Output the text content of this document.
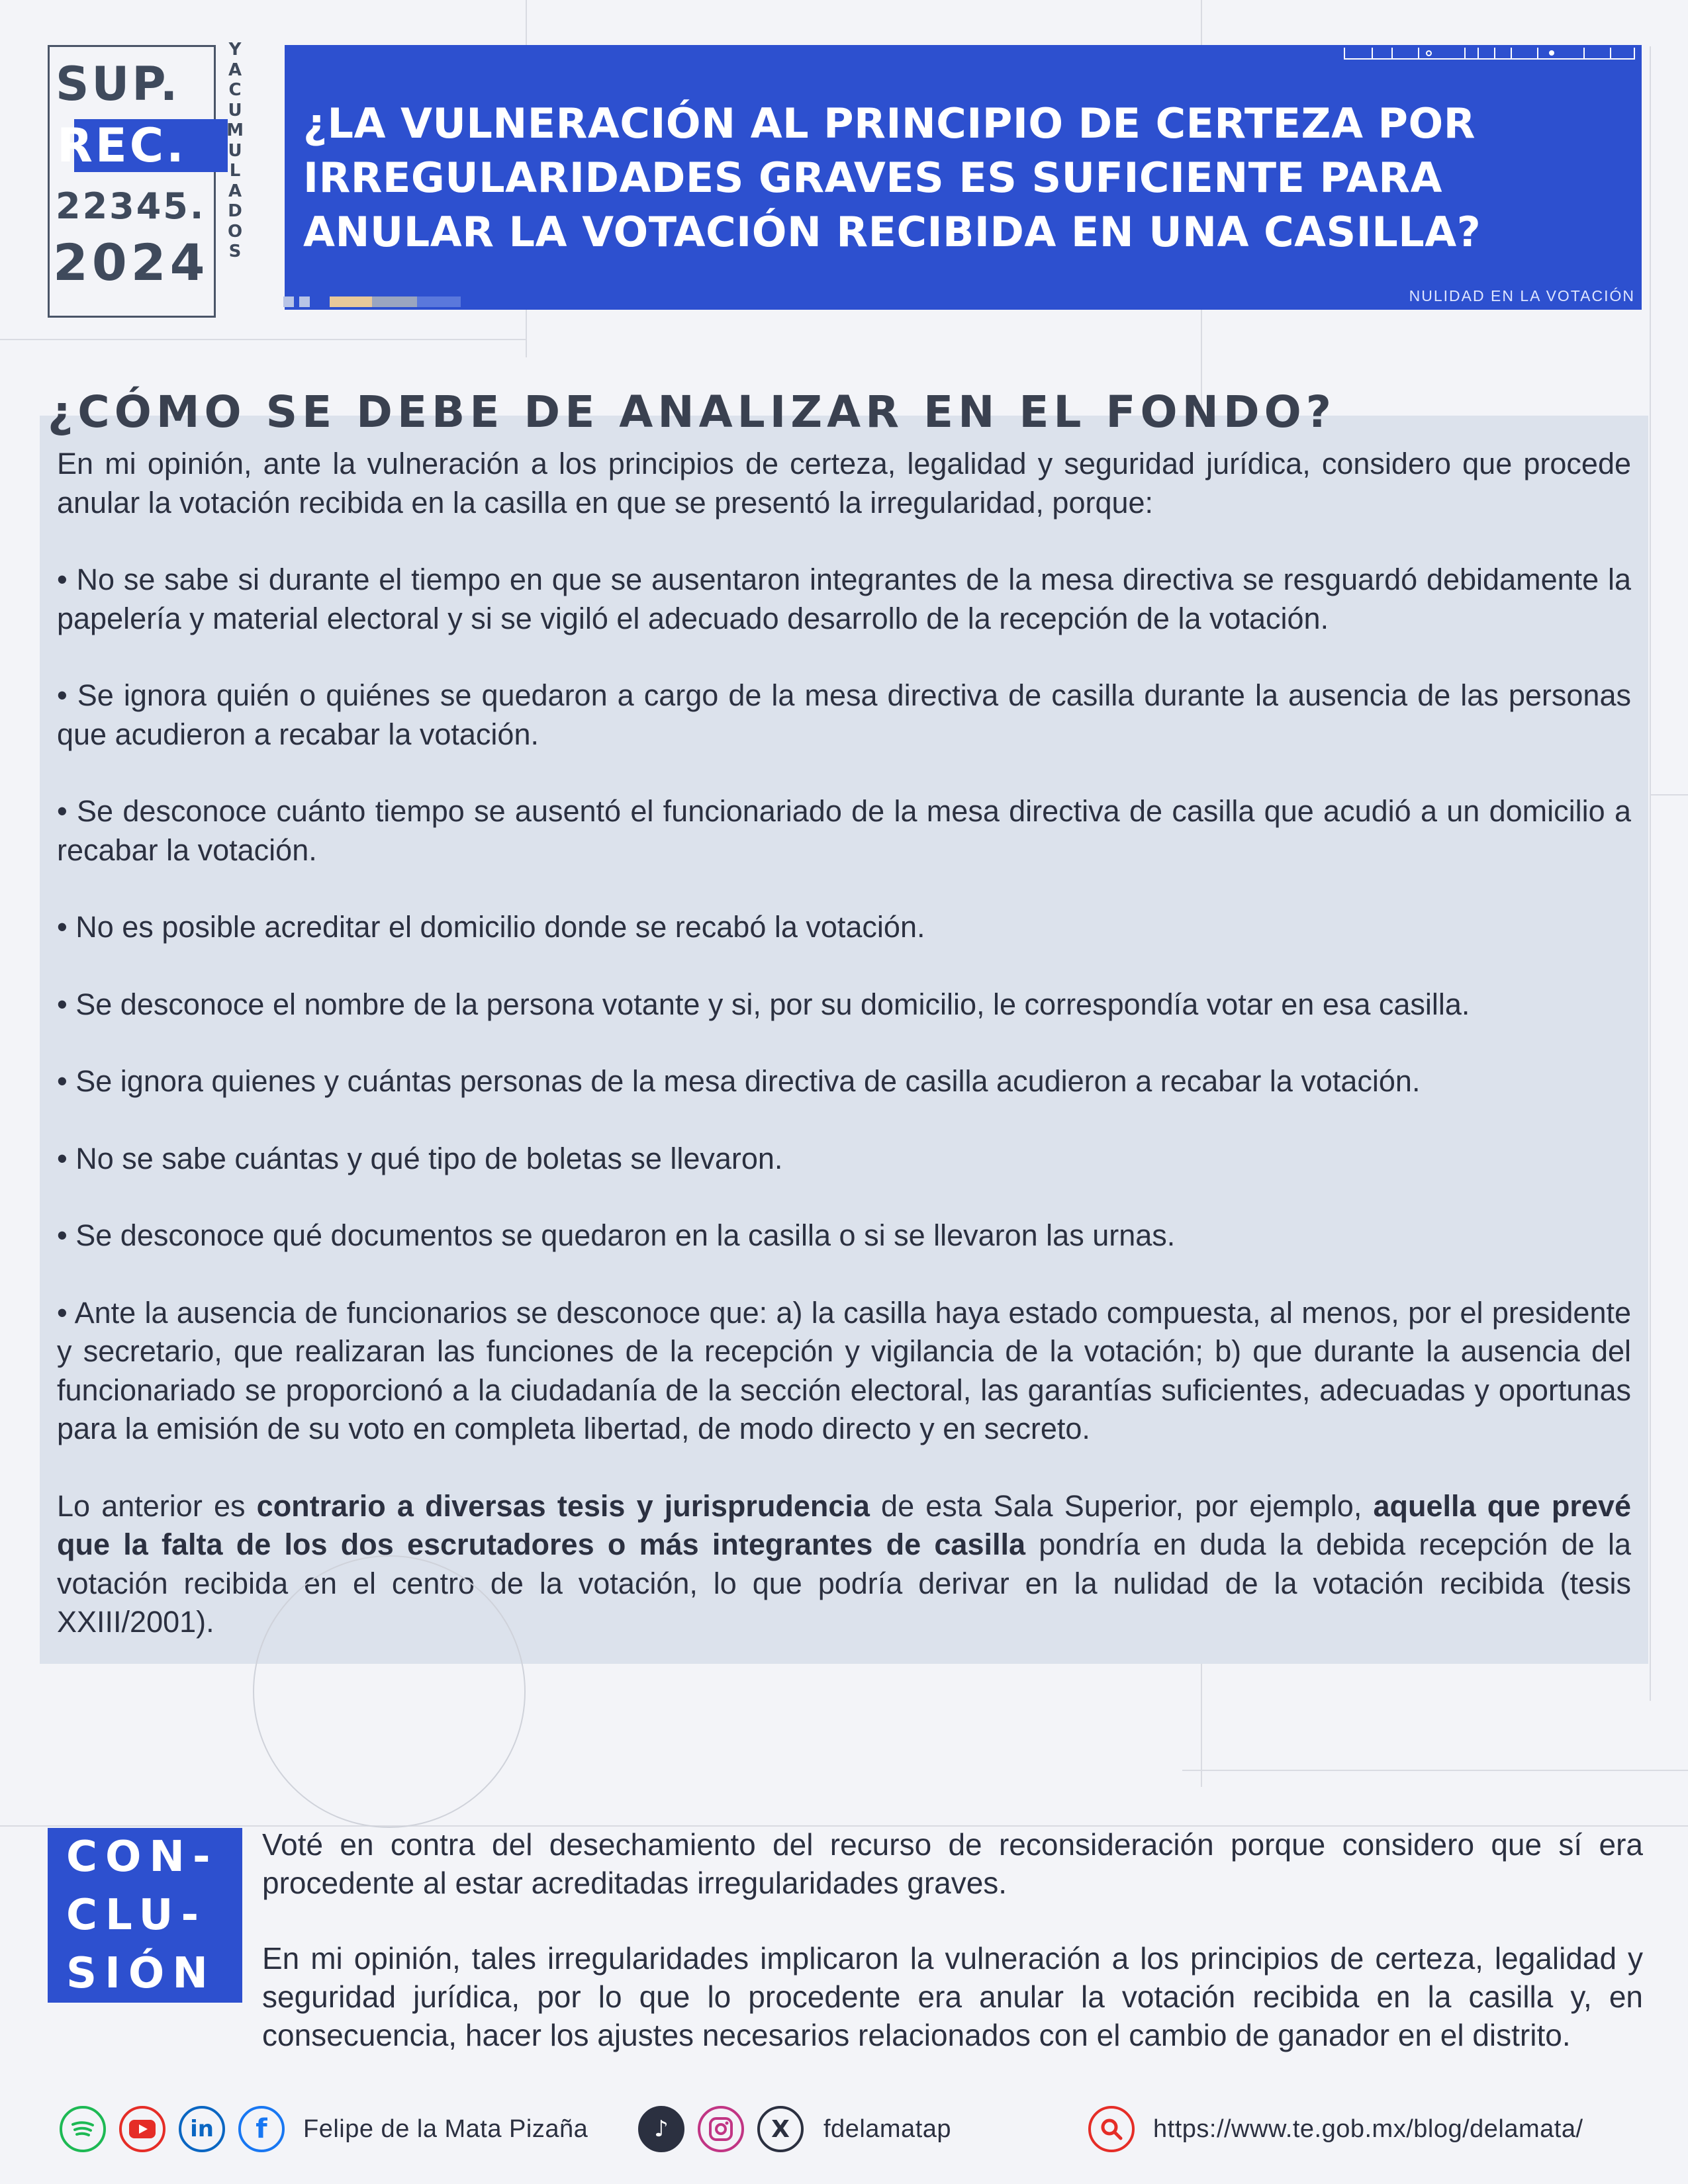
SUP.
REC.
22345.
2024
YACUMULADOS
¿LA VULNERACIÓN AL PRINCIPIO DE CERTEZA POR IRREGULARIDADES GRAVES ES SUFICIENTE PARA ANULAR LA VOTACIÓN RECIBIDA EN UNA CASILLA?
NULIDAD EN LA VOTACIÓN
¿CÓMO SE DEBE DE ANALIZAR EN EL FONDO?

En mi opinión, ante la vulneración a los principios de certeza, legalidad y seguridad jurídica, considero que procede anular la votación recibida en la casilla en que se presentó la irregularidad, porque:

• No se sabe si durante el tiempo en que se ausentaron integrantes de la mesa directiva se resguardó debidamente la papelería y material electoral y si se vigiló el adecuado desarrollo de la recepción de la votación.

• Se ignora quién o quiénes se quedaron a cargo de la mesa directiva de casilla durante la ausencia de las personas que acudieron a recabar la votación.

• Se desconoce cuánto tiempo se ausentó el funcionariado de la mesa directiva de casilla que acudió a un domicilio a recabar la votación.

• No es posible acreditar el domicilio donde se recabó la votación.

• Se desconoce el nombre de la persona votante y si, por su domicilio, le correspondía votar en esa casilla.

• Se ignora quienes y cuántas personas de la mesa directiva de casilla acudieron a recabar la votación.

• No se sabe cuántas y qué tipo de boletas se llevaron.

• Se desconoce qué documentos se quedaron en la casilla o si se llevaron las urnas.

• Ante la ausencia de funcionarios se desconoce que: a) la casilla haya estado compuesta, al menos, por el presidente y secretario, que realizaran las funciones de la recepción y vigilancia de la votación; b) que durante la ausencia del funcionariado se proporcionó a la ciudadanía de la sección electoral, las garantías suficientes, adecuadas y oportunas para la emisión de su voto en completa libertad, de modo directo y en secreto.

Lo anterior es contrario a diversas tesis y jurisprudencia de esta Sala Superior, por ejemplo, aquella que prevé que la falta de los dos escrutadores o más integrantes de casilla pondría en duda la debida recepción de la votación recibida en el centro de la votación, lo que podría derivar en la nulidad de la votación recibida (tesis XXIII/2001).

CON-
CLU-
SIÓN

Voté en contra del desechamiento del recurso de reconsideración porque considero que sí era procedente al estar acreditadas irregularidades graves.

En mi opinión, tales irregularidades implicaron la vulneración a los principios de certeza, legalidad y seguridad jurídica, por lo que lo procedente era anular la votación recibida en la casilla y, en consecuencia, hacer los ajustes necesarios relacionados con el cambio de ganador en el distrito.

in	f	Felipe de la Mata Pizaña	♪	X	fdelamatap	https://www.te.gob.mx/blog/delamata/
